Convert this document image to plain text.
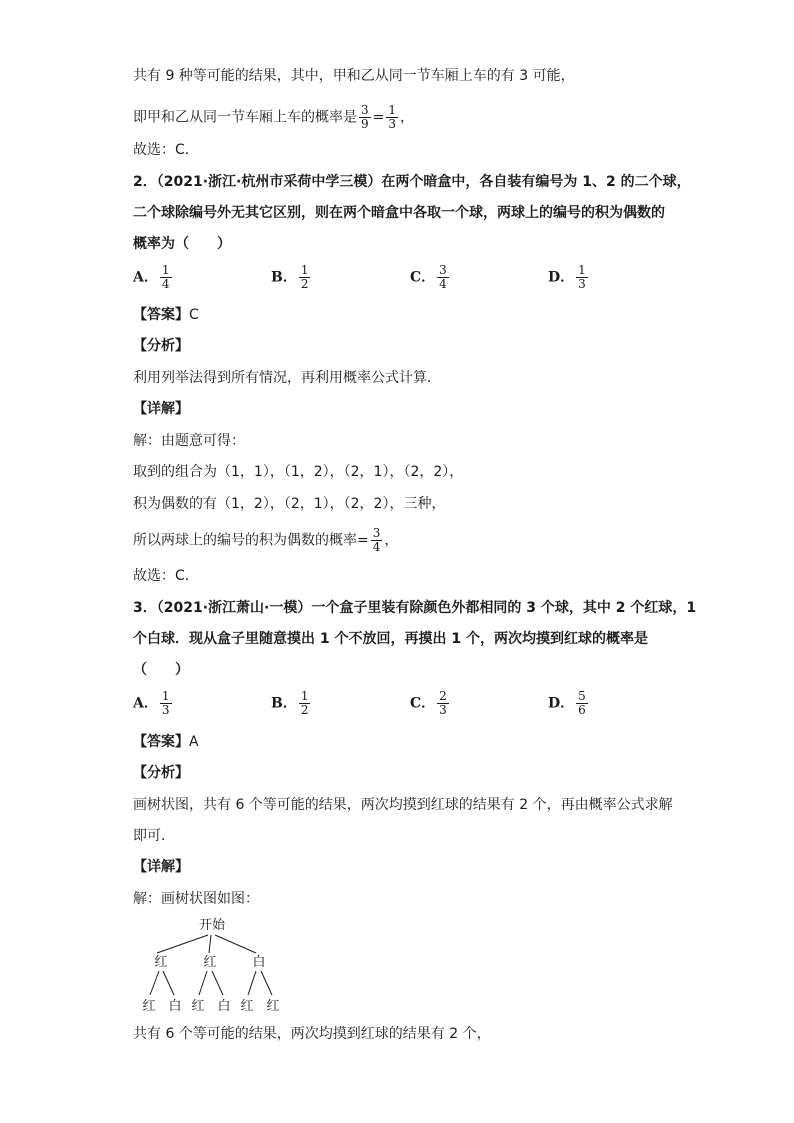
共有 9 种等可能的结果，其中，甲和乙从同一节车厢上车的有 3 可能，
即甲和乙从同一节车厢上车的概率是 $\frac{3}{9} = \frac{1}{3}$ ，
故选：C．
2．（2021·浙江·杭州市采荷中学三模）在两个暗盒中，各自装有编号为 1、2 的二个球，
二个球除编号外无其它区别，则在两个暗盒中各取一个球，两球上的编号的积为偶数的
概率为（　　）
A． $\frac{1}{4}$	B． $\frac{1}{2}$	C． $\frac{3}{4}$	D． $\frac{1}{3}$
【答案】C
【分析】
利用列举法得到所有情况，再利用概率公式计算．
【详解】
解：由题意可得：
取到的组合为（1，1），（1，2），（2，1），（2，2），
积为偶数的有（1，2），（2，1），（2，2），三种，
所以两球上的编号的积为偶数的概率= $\frac{3}{4}$ ，
故选：C．
3．（2021·浙江萧山·一模）一个盒子里装有除颜色外都相同的 3 个球，其中 2 个红球，1
个白球．现从盒子里随意摸出 1 个不放回，再摸出 1 个，两次均摸到红球的概率是
（　　）
A． $\frac{1}{3}$	B． $\frac{1}{2}$	C． $\frac{2}{3}$	D． $\frac{5}{6}$
【答案】A
【分析】
画树状图，共有 6 个等可能的结果，两次均摸到红球的结果有 2 个，再由概率公式求解
即可．
【详解】
解：画树状图如图：
开始
红	红	白
红 白 红 白 红 红
共有 6 个等可能的结果，两次均摸到红球的结果有 2 个，
